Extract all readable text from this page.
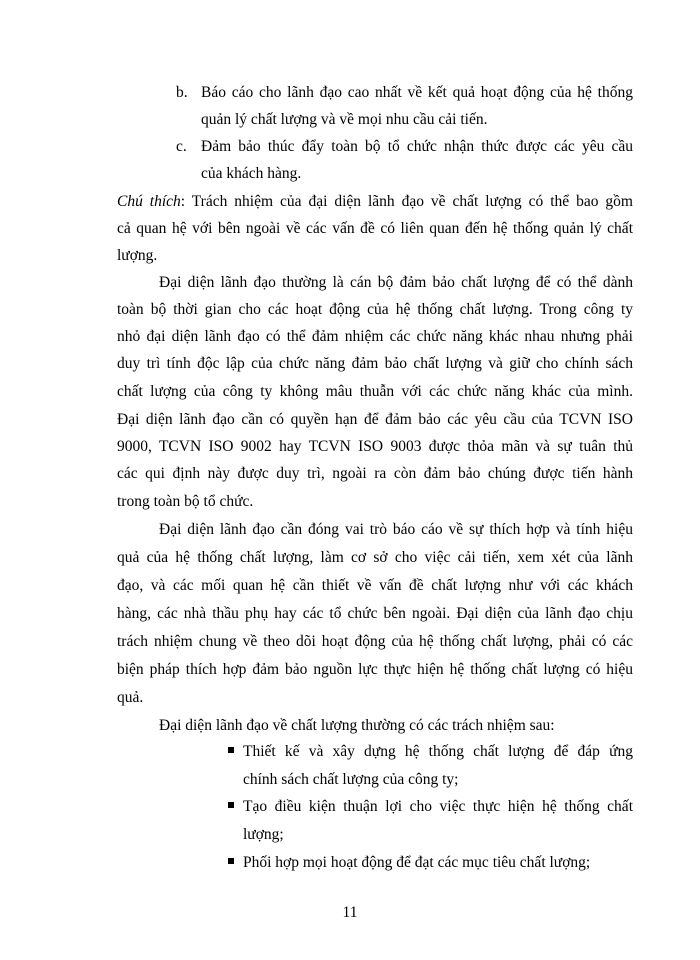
b. Báo cáo cho lãnh đạo cao nhất về kết quả hoạt động của hệ thống
quản lý chất lượng và về mọi nhu cầu cải tiến.
c. Đảm bảo thúc đẩy toàn bộ tổ chức nhận thức được các yêu cầu
của khách hàng.
Chú thích: Trách nhiệm của đại diện lãnh đạo về chất lượng có thể bao gồm
cả quan hệ với bên ngoài về các vấn đề có liên quan đến hệ thống quản lý chất
lượng.
Đại diện lãnh đạo thường là cán bộ đảm bảo chất lượng để có thể dành
toàn bộ thời gian cho các hoạt động của hệ thống chất lượng. Trong công ty
nhỏ đại diện lãnh đạo có thể đảm nhiệm các chức năng khác nhau nhưng phải
duy trì tính độc lập của chức năng đảm bảo chất lượng và giữ cho chính sách
chất lượng của công ty không mâu thuẫn với các chức năng khác của mình.
Đại diện lãnh đạo cần có quyền hạn để đảm bảo các yêu cầu của TCVN ISO
9000, TCVN ISO 9002 hay TCVN ISO 9003 được thỏa mãn và sự tuân thủ
các qui định này được duy trì, ngoài ra còn đảm bảo chúng được tiến hành
trong toàn bộ tổ chức.
Đại diện lãnh đạo cần đóng vai trò báo cáo về sự thích hợp và tính hiệu
quả của hệ thống chất lượng, làm cơ sở cho việc cải tiến, xem xét của lãnh
đạo, và các mối quan hệ cần thiết về vấn đề chất lượng như với các khách
hàng, các nhà thầu phụ hay các tổ chức bên ngoài. Đại diện của lãnh đạo chịu
trách nhiệm chung về theo dõi hoạt động của hệ thống chất lượng, phải có các
biện pháp thích hợp đảm bảo nguồn lực thực hiện hệ thống chất lượng có hiệu
quả.
Đại diện lãnh đạo về chất lượng thường có các trách nhiệm sau:
Thiết kế và xây dựng hệ thống chất lượng để đáp ứng
chính sách chất lượng của công ty;
Tạo điều kiện thuận lợi cho việc thực hiện hệ thống chất
lượng;
Phối hợp mọi hoạt động để đạt các mục tiêu chất lượng;
11
